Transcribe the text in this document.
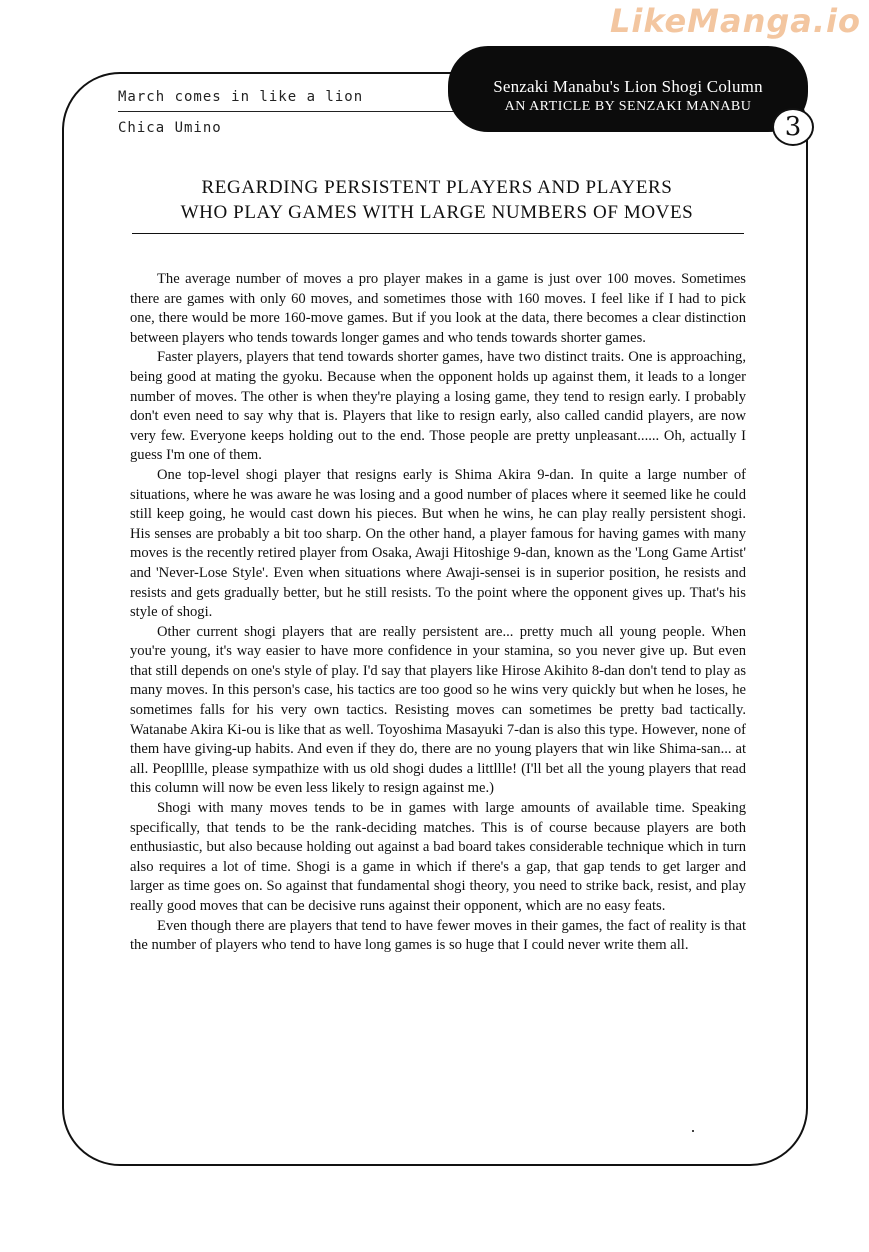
LikeManga.io
March comes in like a lion
Chica Umino
Senzaki Manabu's Lion Shogi Column
AN ARTICLE BY SENZAKI MANABU
3
REGARDING PERSISTENT PLAYERS AND PLAYERS
WHO PLAY GAMES WITH LARGE NUMBERS OF MOVES

The average number of moves a pro player makes in a game is just over 100 moves. Sometimes there are games with only 60 moves, and sometimes those with 160 moves. I feel like if I had to pick one, there would be more 160-move games. But if you look at the data, there becomes a clear distinction between players who tends towards longer games and who tends towards shorter games.

Faster players, players that tend towards shorter games, have two distinct traits. One is approaching, being good at mating the gyoku. Because when the opponent holds up against them, it leads to a longer number of moves. The other is when they're playing a losing game, they tend to resign early. I probably don't even need to say why that is. Players that like to resign early, also called candid players, are now very few. Everyone keeps holding out to the end. Those people are pretty unpleasant...... Oh, actually I guess I'm one of them.

One top-level shogi player that resigns early is Shima Akira 9-dan. In quite a large number of situations, where he was aware he was losing and a good number of places where it seemed like he could still keep going, he would cast down his pieces. But when he wins, he can play really persistent shogi. His senses are probably a bit too sharp. On the other hand, a player famous for having games with many moves is the recently retired player from Osaka, Awaji Hitoshige 9-dan, known as the 'Long Game Artist' and 'Never-Lose Style'. Even when situations where Awaji-sensei is in superior position, he resists and resists and gets gradually better, but he still resists. To the point where the opponent gives up. That's his style of shogi.

Other current shogi players that are really persistent are... pretty much all young people. When you're young, it's way easier to have more confidence in your stamina, so you never give up. But even that still depends on one's style of play. I'd say that players like Hirose Akihito 8-dan don't tend to play as many moves. In this person's case, his tactics are too good so he wins very quickly but when he loses, he sometimes falls for his very own tactics. Resisting moves can sometimes be pretty bad tactically. Watanabe Akira Ki-ou is like that as well. Toyoshima Masayuki 7-dan is also this type. However, none of them have giving-up habits. And even if they do, there are no young players that win like Shima-san... at all. Peoplllle, please sympathize with us old shogi dudes a littllle! (I'll bet all the young players that read this column will now be even less likely to resign against me.)

Shogi with many moves tends to be in games with large amounts of available time. Speaking specifically, that tends to be the rank-deciding matches. This is of course because players are both enthusiastic, but also because holding out against a bad board takes considerable technique which in turn also requires a lot of time. Shogi is a game in which if there's a gap, that gap tends to get larger and larger as time goes on. So against that fundamental shogi theory, you need to strike back, resist, and play really good moves that can be decisive runs against their opponent, which are no easy feats.

Even though there are players that tend to have fewer moves in their games, the fact of reality is that the number of players who tend to have long games is so huge that I could never write them all.
